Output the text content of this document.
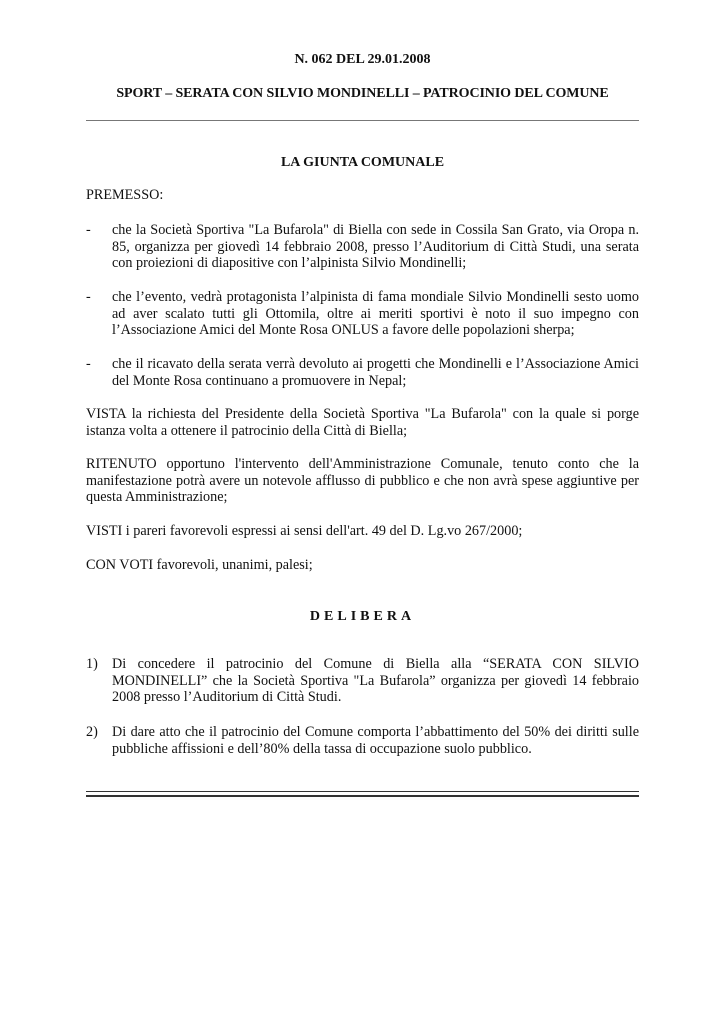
N. 062 DEL 29.01.2008
SPORT – SERATA CON SILVIO MONDINELLI – PATROCINIO DEL COMUNE
LA GIUNTA COMUNALE
PREMESSO:
- che la Società Sportiva "La Bufarola" di Biella con sede in Cossila San Grato, via Oropa n. 85, organizza per giovedì 14 febbraio 2008, presso l’Auditorium di Città Studi, una serata con proiezioni di diapositive con l’alpinista Silvio Mondinelli;
- che l’evento, vedrà protagonista l’alpinista di fama mondiale Silvio Mondinelli sesto uomo ad aver scalato tutti gli Ottomila, oltre ai meriti sportivi è noto il suo impegno con l’Associazione Amici del Monte Rosa ONLUS a favore delle popolazioni sherpa;
- che il ricavato della serata verrà devoluto ai progetti che Mondinelli e l’Associazione Amici del Monte Rosa continuano a promuovere in Nepal;
VISTA la richiesta del Presidente della Società Sportiva "La Bufarola" con la quale si porge istanza volta a ottenere il patrocinio della Città di Biella;
RITENUTO opportuno l'intervento dell'Amministrazione Comunale, tenuto conto che la manifestazione potrà avere un notevole afflusso di pubblico e che non avrà spese aggiuntive per questa Amministrazione;
VISTI i pareri favorevoli espressi ai sensi dell'art. 49 del D. Lg.vo 267/2000;
CON VOTI favorevoli, unanimi, palesi;
DELIBERA
1) Di concedere il patrocinio del Comune di Biella alla “SERATA CON SILVIO MONDINELLI” che la Società Sportiva "La Bufarola” organizza per giovedì 14 febbraio 2008 presso l’Auditorium di Città Studi.
2) Di dare atto che il patrocinio del Comune comporta l’abbattimento del 50% dei diritti sulle pubbliche affissioni e dell’80% della tassa di occupazione suolo pubblico.
